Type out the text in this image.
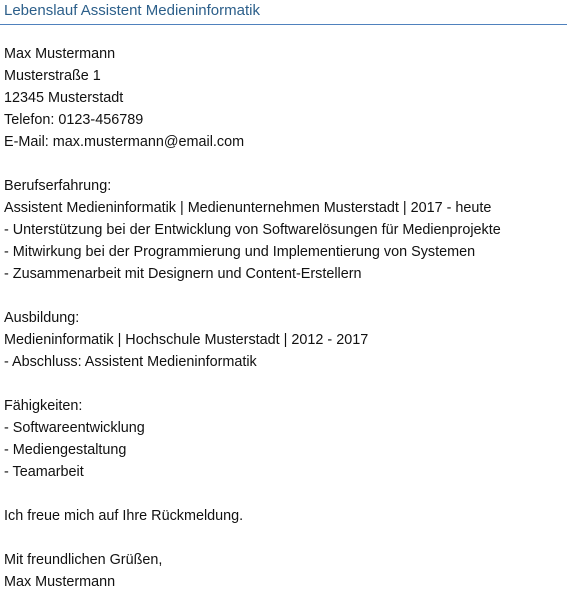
Lebenslauf Assistent Medieninformatik
Max Mustermann
Musterstraße 1
12345 Musterstadt
Telefon: 0123-456789
E-Mail: max.mustermann@email.com
Berufserfahrung:
Assistent Medieninformatik | Medienunternehmen Musterstadt | 2017 - heute
- Unterstützung bei der Entwicklung von Softwarelösungen für Medienprojekte
- Mitwirkung bei der Programmierung und Implementierung von Systemen
- Zusammenarbeit mit Designern und Content-Erstellern
Ausbildung:
Medieninformatik | Hochschule Musterstadt | 2012 - 2017
- Abschluss: Assistent Medieninformatik
Fähigkeiten:
- Softwareentwicklung
- Mediengestaltung
- Teamarbeit
Ich freue mich auf Ihre Rückmeldung.
Mit freundlichen Grüßen,
Max Mustermann
